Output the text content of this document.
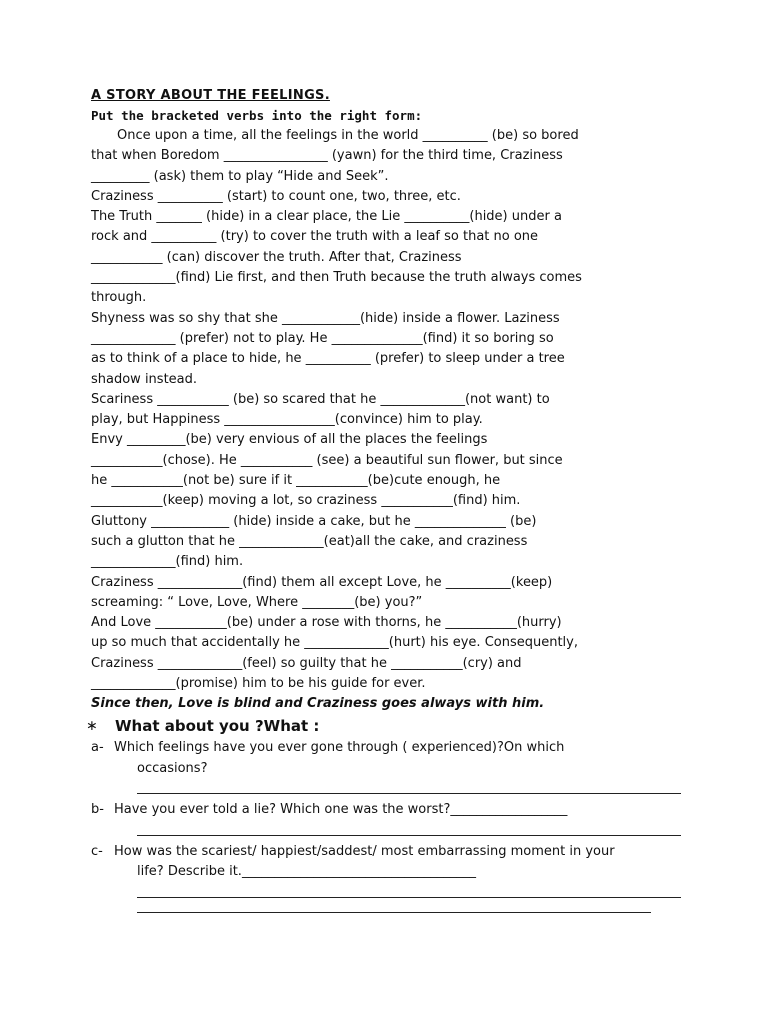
A STORY ABOUT THE FEELINGS.

Put the bracketed verbs into the right form:

Once upon a time, all the feelings in the world __________ (be) so bored

that when Boredom ________________ (yawn) for the third time, Craziness

_________ (ask) them to play “Hide and Seek”.

Craziness __________ (start) to count one, two, three, etc.

The Truth _______ (hide) in a clear place, the Lie __________(hide) under a

rock and __________ (try) to cover the truth with a leaf so that no one

___________ (can) discover the truth. After that, Craziness

_____________(find) Lie first, and then Truth because the truth always comes

through.

Shyness was so shy that she ____________(hide) inside a flower. Laziness

_____________ (prefer) not to play. He ______________(find) it so boring so

as to think of a place to hide, he __________ (prefer) to sleep under a tree

shadow instead.

Scariness ___________ (be) so scared that he _____________(not want) to

play, but Happiness _________________(convince) him to play.

Envy _________(be) very envious of all the places the feelings

___________(chose). He ___________ (see) a beautiful sun flower, but since

he ___________(not be) sure if it ___________(be)cute enough, he

___________(keep) moving a lot, so craziness ___________(find) him.

Gluttony ____________ (hide) inside a cake, but he ______________ (be)

such a glutton that he _____________(eat)all the cake, and craziness

_____________(find) him.

Craziness _____________(find) them all except Love, he __________(keep)

screaming: “ Love, Love, Where ________(be) you?”

And Love ___________(be) under a rose with thorns, he ___________(hurry)

up so much that accidentally he _____________(hurt) his eye. Consequently,

Craziness _____________(feel) so guilty that he ___________(cry) and

_____________(promise) him to be his guide for ever.

Since then, Love is blind and Craziness goes always with him.

∗	What about you ?What :
a- Which feelings have you ever gone through ( experienced)?On which
occasions?
b- Have you ever told a lie? Which one was the worst?__________________
c- How was the scariest/ happiest/saddest/ most embarrassing moment in your
life? Describe it.____________________________________
